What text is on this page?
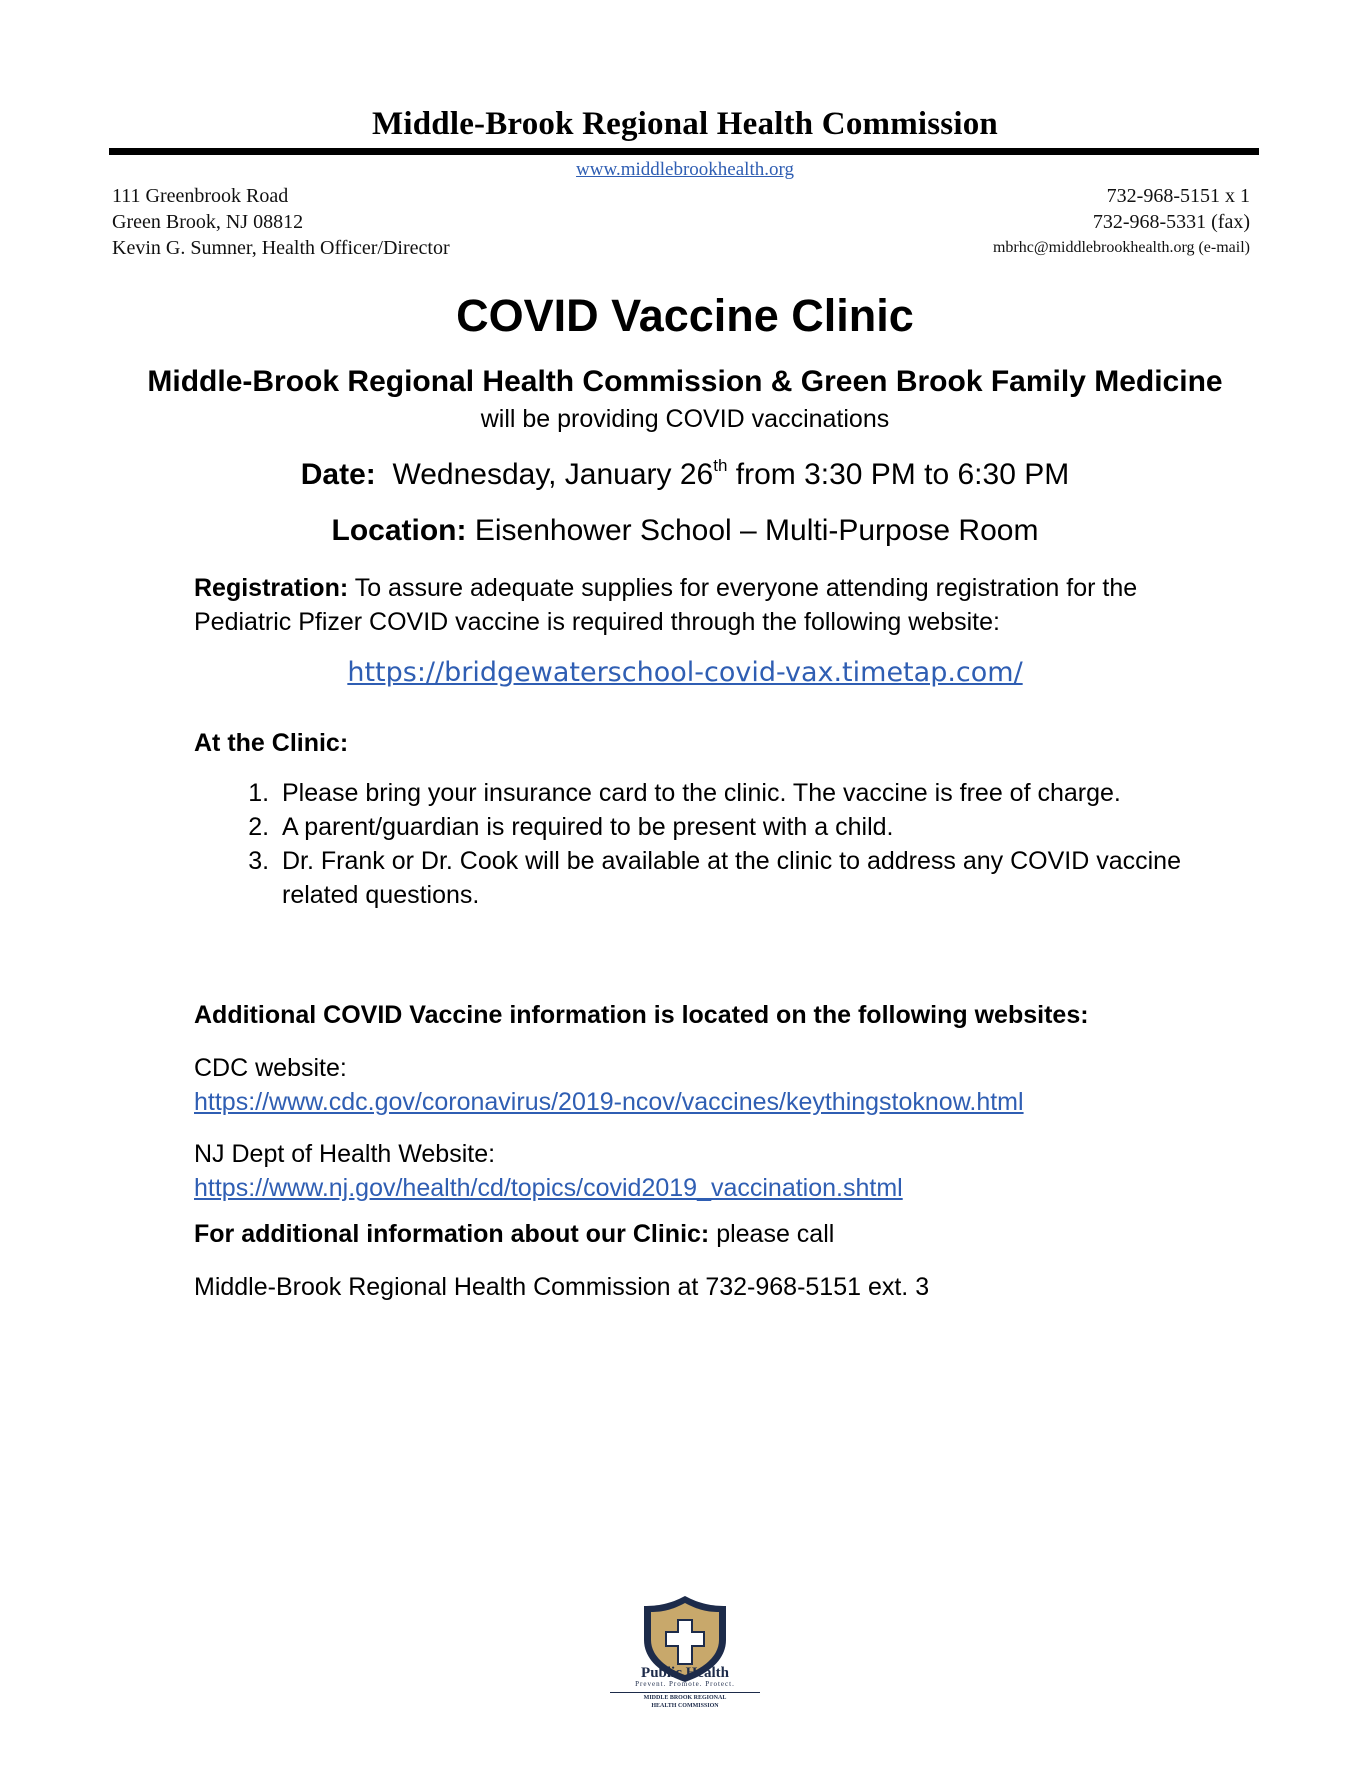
Middle-Brook Regional Health Commission
www.middlebrookhealth.org
111 Greenbrook Road
Green Brook, NJ 08812
Kevin G. Sumner, Health Officer/Director
732-968-5151 x 1
732-968-5331 (fax)
mbrhc@middlebrookhealth.org (e-mail)
COVID Vaccine Clinic
Middle-Brook Regional Health Commission & Green Brook Family Medicine
will be providing COVID vaccinations
Date: Wednesday, January 26th from 3:30 PM to 6:30 PM
Location: Eisenhower School – Multi-Purpose Room
Registration: To assure adequate supplies for everyone attending registration for the Pediatric Pfizer COVID vaccine is required through the following website:
https://bridgewaterschool-covid-vax.timetap.com/
At the Clinic:
1. Please bring your insurance card to the clinic. The vaccine is free of charge.
2. A parent/guardian is required to be present with a child.
3. Dr. Frank or Dr. Cook will be available at the clinic to address any COVID vaccine related questions.
Additional COVID Vaccine information is located on the following websites:
CDC website:
https://www.cdc.gov/coronavirus/2019-ncov/vaccines/keythingstoknow.html
NJ Dept of Health Website:
https://www.nj.gov/health/cd/topics/covid2019_vaccination.shtml
For additional information about our Clinic: please call
Middle-Brook Regional Health Commission at 732-968-5151 ext. 3
Public Health
Prevent. Promote. Protect.
MIDDLE BROOK REGIONAL
HEALTH COMMISSION
